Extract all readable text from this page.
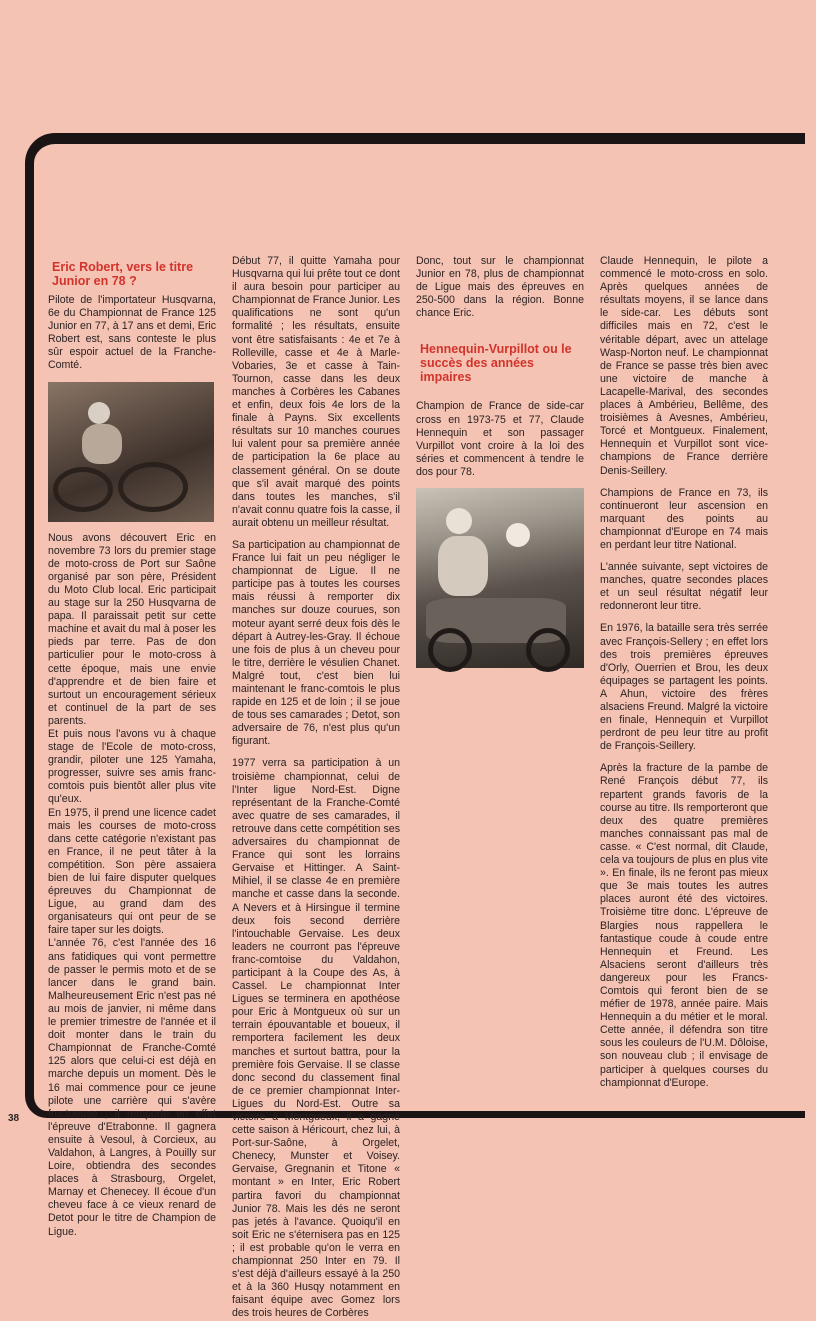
Eric Robert, vers le titre Junior en 78 ?

Pilote de l'importateur Husqvarna, 6e du Championnat de France 125 Junior en 77, à 17 ans et demi, Eric Robert est, sans conteste le plus sûr espoir actuel de la Franche-Comté.

Nous avons découvert Eric en novembre 73 lors du premier stage de moto-cross de Port sur Saône organisé par son père, Président du Moto Club local. Eric participait au stage sur la 250 Husqvarna de papa. Il paraissait petit sur cette machine et avait du mal à poser les pieds par terre. Pas de don particulier pour le moto-cross à cette époque, mais une envie d'apprendre et de bien faire et surtout un encouragement sérieux et continuel de la part de ses parents.

Et puis nous l'avons vu à chaque stage de l'Ecole de moto-cross, grandir, piloter une 125 Yamaha, progresser, suivre ses amis franc-comtois puis bientôt aller plus vite qu'eux.

En 1975, il prend une licence cadet mais les courses de moto-cross dans cette catégorie n'existant pas en France, il ne peut tâter à la compétition. Son père assaiera bien de lui faire disputer quelques épreuves du Championnat de Ligue, au grand dam des organisateurs qui ont peur de se faire taper sur les doigts.

L'année 76, c'est l'année des 16 ans fatidiques qui vont permettre de passer le permis moto et de se lancer dans le grand bain. Malheureusement Eric n'est pas né au mois de janvier, ni même dans le premier trimestre de l'année et il doit monter dans le train du Championnat de Franche-Comté 125 alors que celui-ci est déjà en marche depuis un moment. Dès le 16 mai commence pour ce jeune pilote une carrière qui s'avère fructueuse ; il remporte en effet l'épreuve d'Etrabonne. Il gagnera ensuite à Vesoul, à Corcieux, au Valdahon, à Langres, à Pouilly sur Loire, obtiendra des secondes places à Strasbourg, Orgelet, Marnay et Chenecey. Il écoue d'un cheveu face à ce vieux renard de Detot pour le titre de Champion de Ligue.

Début 77, il quitte Yamaha pour Husqvarna qui lui prête tout ce dont il aura besoin pour participer au Championnat de France Junior. Les qualifications ne sont qu'un formalité ; les résultats, ensuite vont être satisfaisants : 4e et 7e à Rolleville, casse et 4e à Marle-Vobaries, 3e et casse à Tain-Tournon, casse dans les deux manches à Corbères les Cabanes et enfin, deux fois 4e lors de la finale à Payns. Six excellents résultats sur 10 manches courues lui valent pour sa première année de participation la 6e place au classement général. On se doute que s'il avait marqué des points dans toutes les manches, s'il n'avait connu quatre fois la casse, il aurait obtenu un meilleur résultat.

Sa participation au championnat de France lui fait un peu négliger le championnat de Ligue. Il ne participe pas à toutes les courses mais réussi à remporter dix manches sur douze courues, son moteur ayant serré deux fois dès le départ à Autrey-les-Gray. Il échoue une fois de plus à un cheveu pour le titre, derrière le vésulien Chanet. Malgré tout, c'est bien lui maintenant le franc-comtois le plus rapide en 125 et de loin ; il se joue de tous ses camarades ; Detot, son adversaire de 76, n'est plus qu'un figurant.

1977 verra sa participation à un troisième championnat, celui de l'Inter ligue Nord-Est. Digne représentant de la Franche-Comté avec quatre de ses camarades, il retrouve dans cette compétition ses adversaires du championnat de France qui sont les lorrains Gervaise et Hittinger. A Saint-Mihiel, il se classe 4e en première manche et casse dans la seconde. A Nevers et à Hirsingue il termine deux fois second derrière l'intouchable Gervaise. Les deux leaders ne courront pas l'épreuve franc-comtoise du Valdahon, participant à la Coupe des As, à Cassel. Le championnat Inter Ligues se terminera en apothéose pour Eric à Montgueux où sur un terrain épouvantable et boueux, il remportera facilement les deux manches et surtout battra, pour la première fois Gervaise. Il se classe donc second du classement final de ce premier championnat Inter-Ligues du Nord-Est. Outre sa victoire à Montgueux, il a gagné cette saison à Héricourt, chez lui, à Port-sur-Saône, à Orgelet, Chenecy, Munster et Voisey. Gervaise, Gregnanin et Titone « montant » en Inter, Eric Robert partira favori du championnat Junior 78. Mais les dés ne seront pas jetés à l'avance. Quoiqu'il en soit Eric ne s'éternisera pas en 125 ; il est probable qu'on le verra en championnat 250 Inter en 79. Il s'est déjà d'ailleurs essayé à la 250 et à la 360 Husqy notamment en faisant équipe avec Gomez lors des trois heures de Corbères

Donc, tout sur le championnat Junior en 78, plus de championnat de Ligue mais des épreuves en 250-500 dans la région. Bonne chance Eric.

Hennequin-Vurpillot ou le succès des années impaires

Champion de France de side-car cross en 1973-75 et 77, Claude Hennequin et son passager Vurpillot vont croire à la loi des séries et commencent à tendre le dos pour 78.

Claude Hennequin, le pilote a commencé le moto-cross en solo. Après quelques années de résultats moyens, il se lance dans le side-car. Les débuts sont difficiles mais en 72, c'est le véritable départ, avec un attelage Wasp-Norton neuf. Le championnat de France se passe très bien avec une victoire de manche à Lacapelle-Marival, des secondes places à Ambérieu, Bellême, des troisièmes à Avesnes, Ambérieu, Torcé et Montgueux. Finalement, Hennequin et Vurpillot sont vice-champions de France derrière Denis-Seillery.

Champions de France en 73, ils continueront leur ascension en marquant des points au championnat d'Europe en 74 mais en perdant leur titre National.

L'année suivante, sept victoires de manches, quatre secondes places et un seul résultat négatif leur redonneront leur titre.

En 1976, la bataille sera très serrée avec François-Sellery ; en effet lors des trois premières épreuves d'Orly, Ouerrien et Brou, les deux équipages se partagent les points. A Ahun, victoire des frères alsaciens Freund. Malgré la victoire en finale, Hennequin et Vurpillot perdront de peu leur titre au profit de François-Seillery.

Après la fracture de la pambe de René François début 77, ils repartent grands favoris de la course au titre. Ils remporteront que deux des quatre premières manches connaissant pas mal de casse. « C'est normal, dit Claude, cela va toujours de plus en plus vite ». En finale, ils ne feront pas mieux que 3e mais toutes les autres places auront été des victoires. Troisième titre donc. L'épreuve de Blargies nous rappellera le fantastique coude à coude entre Hennequin et Freund. Les Alsaciens seront d'ailleurs très dangereux pour les Francs-Comtois qui feront bien de se méfier de 1978, année paire. Mais Hennequin a du métier et le moral. Cette année, il défendra son titre sous les couleurs de l'U.M. Dôloise, son nouveau club ; il envisage de participer à quelques courses du championnat d'Europe.

38
